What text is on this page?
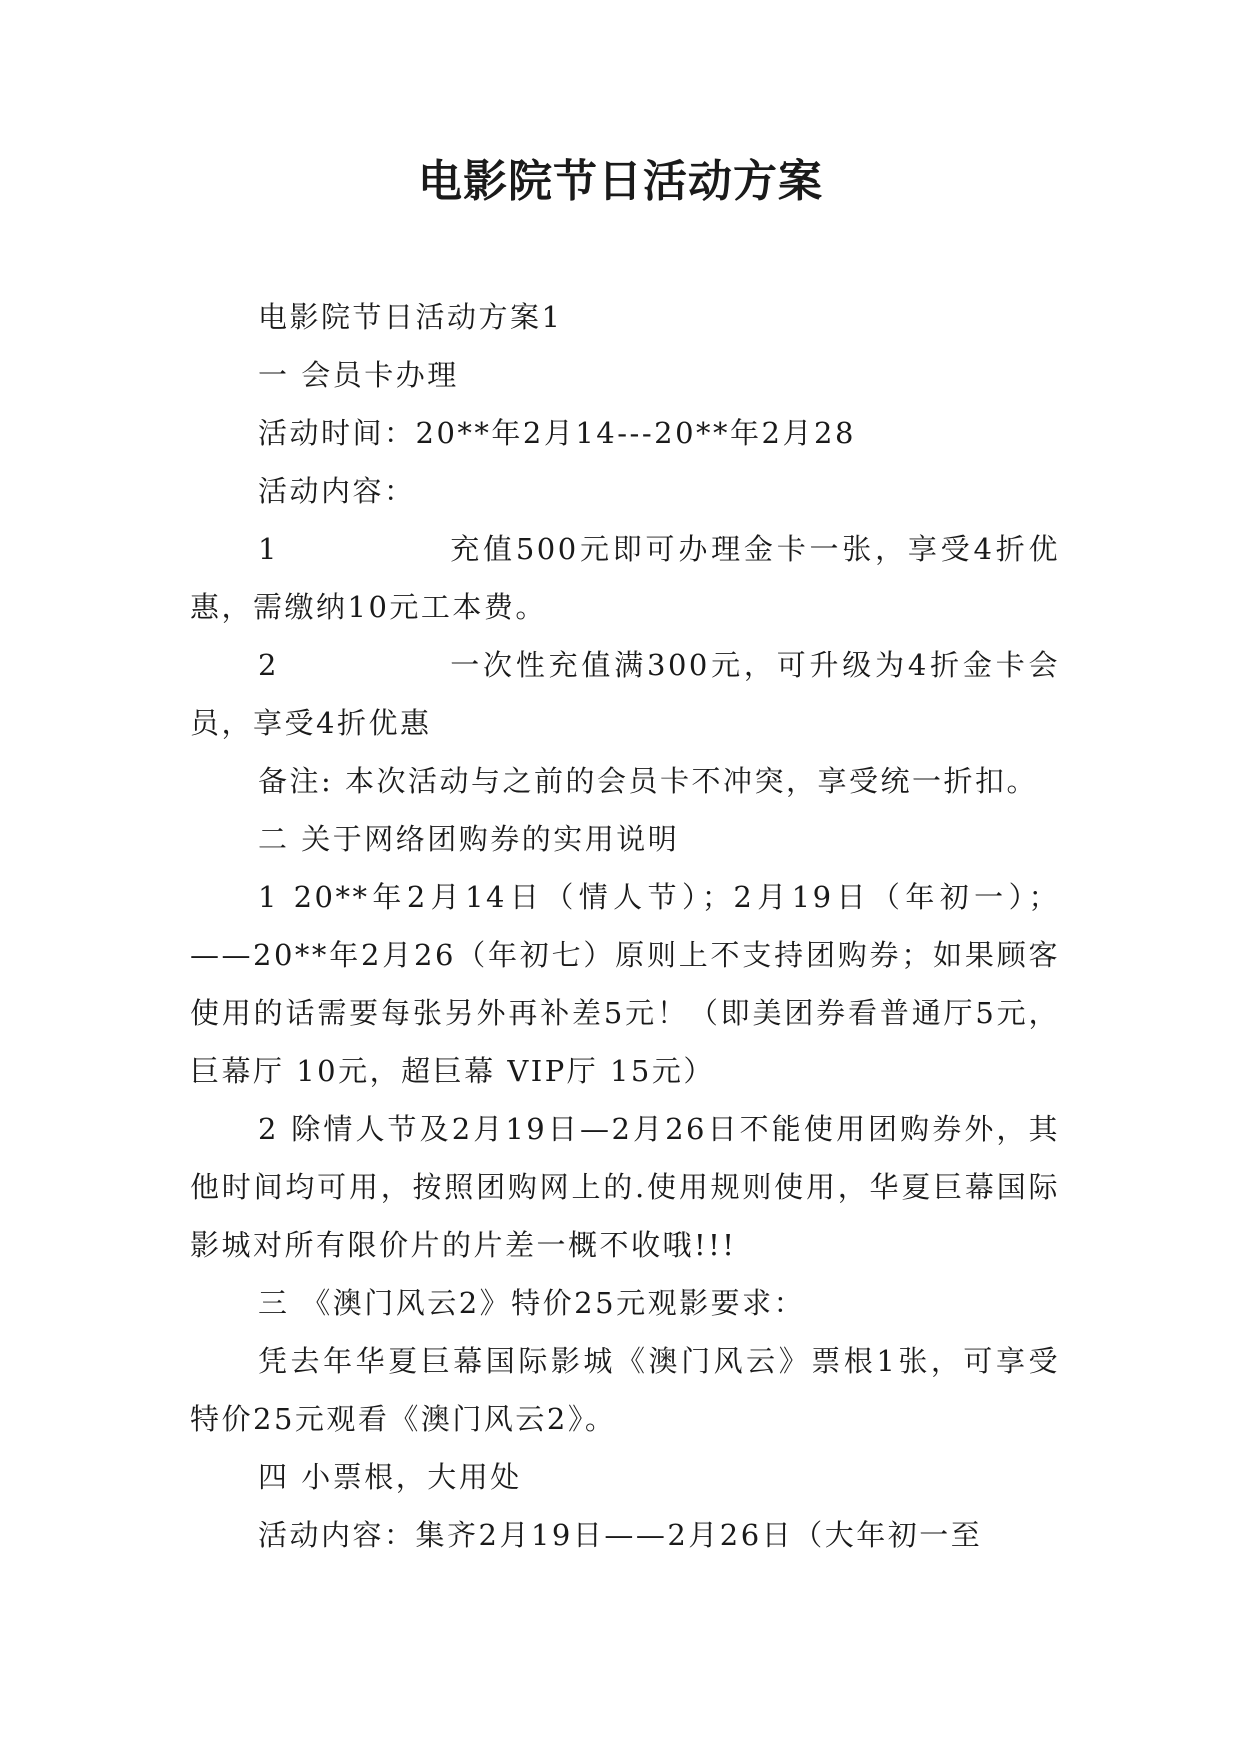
电影院节日活动方案

电影院节日活动方案1

一 会员卡办理

活动时间：20**年2月14---20**年2月28

活动内容：

1	充值500元即可办理金卡一张，享受4折优惠，需缴纳10元工本费。

2	一次性充值满300元，可升级为4折金卡会员，享受4折优惠

备注: 本次活动与之前的会员卡不冲突，享受统一折扣。

二 关于网络团购券的实用说明

1 20**年2月14日（情人节）；2月19日（年初一）；——20**年2月26（年初七）原则上不支持团购券；如果顾客使用的话需要每张另外再补差5元！（即美团券看普通厅5元，巨幕厅 10元，超巨幕 VIP厅 15元）

2 除情人节及2月19日—2月26日不能使用团购券外，其他时间均可用，按照团购网上的.使用规则使用，华夏巨幕国际影城对所有限价片的片差一概不收哦!!!

三 《澳门风云2》特价25元观影要求：

凭去年华夏巨幕国际影城《澳门风云》票根1张，可享受特价25元观看《澳门风云2》。

四 小票根，大用处

活动内容：集齐2月19日——2月26日（大年初一至
